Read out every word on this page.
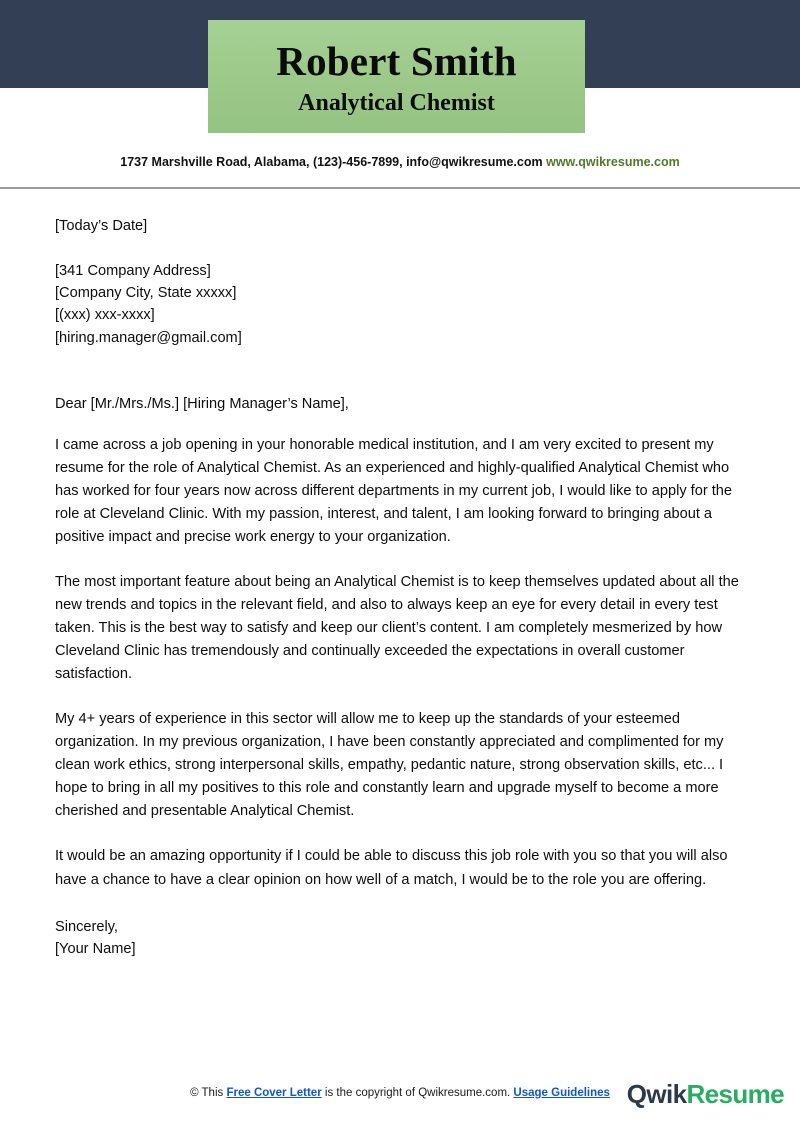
Robert Smith
Analytical Chemist
1737 Marshville Road, Alabama, (123)-456-7899, info@qwikresume.com www.qwikresume.com
[Today’s Date]
[341 Company Address]
[Company City, State xxxxx]
[(xxx) xxx-xxxx]
[hiring.manager@gmail.com]
Dear [Mr./Mrs./Ms.] [Hiring Manager’s Name],

I came across a job opening in your honorable medical institution, and I am very excited to present my resume for the role of Analytical Chemist. As an experienced and highly-qualified Analytical Chemist who has worked for four years now across different departments in my current job, I would like to apply for the role at Cleveland Clinic. With my passion, interest, and talent, I am looking forward to bringing about a positive impact and precise work energy to your organization.

The most important feature about being an Analytical Chemist is to keep themselves updated about all the new trends and topics in the relevant field, and also to always keep an eye for every detail in every test taken. This is the best way to satisfy and keep our client’s content. I am completely mesmerized by how Cleveland Clinic has tremendously and continually exceeded the expectations in overall customer satisfaction.

My 4+ years of experience in this sector will allow me to keep up the standards of your esteemed organization. In my previous organization, I have been constantly appreciated and complimented for my clean work ethics, strong interpersonal skills, empathy, pedantic nature, strong observation skills, etc... I hope to bring in all my positives to this role and constantly learn and upgrade myself to become a more cherished and presentable Analytical Chemist.

It would be an amazing opportunity if I could be able to discuss this job role with you so that you will also have a chance to have a clear opinion on how well of a match, I would be to the role you are offering.

Sincerely,
[Your Name]
© This Free Cover Letter is the copyright of Qwikresume.com. Usage Guidelines QwikResume
